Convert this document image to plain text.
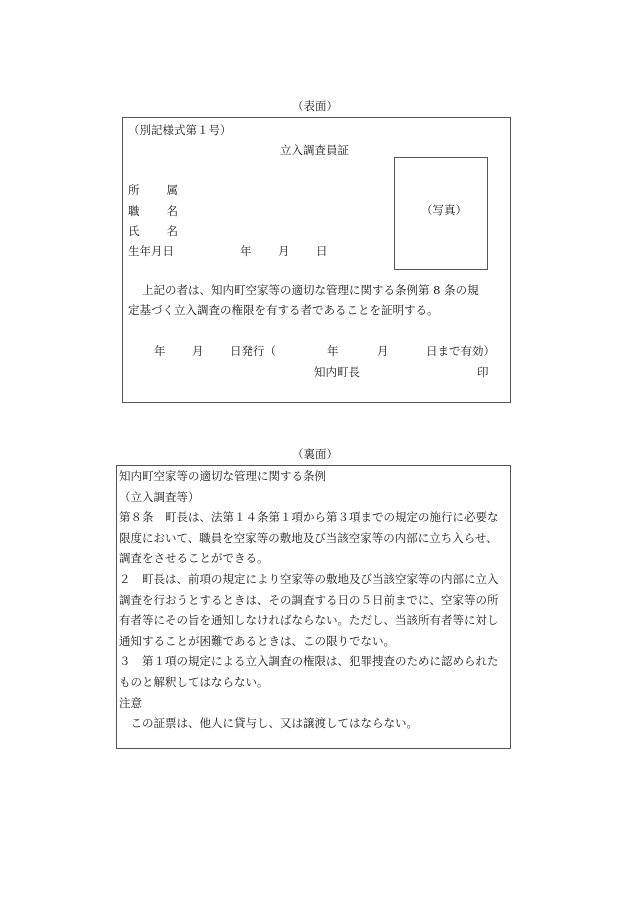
（表面）
（別記様式第１号）
立入調査員証
所 属
職 名
氏 名
生年月日	年 月 日
（写真）
上記の者は、知内町空家等の適切な管理に関する条例第 8 条の規
定基づく立入調査の権限を有する者であることを証明する。
年 月 日発行（	年	月	日まで有効）
知内町長	印
（裏面）
知内町空家等の適切な管理に関する条例
（立入調査等）
第８条　町長は、法第１４条第１項から第３項までの規定の施行に必要な
限度において、職員を空家等の敷地及び当該空家等の内部に立ち入らせ、
調査をさせることができる。
２　町長は、前項の規定により空家等の敷地及び当該空家等の内部に立入
調査を行おうとするときは、その調査する日の５日前までに、空家等の所
有者等にその旨を通知しなければならない。ただし、当該所有者等に対し
通知することが困難であるときは、この限りでない。
３　第１項の規定による立入調査の権限は、犯罪捜査のために認められた
ものと解釈してはならない。
注意
　この証票は、他人に貸与し、又は譲渡してはならない。
